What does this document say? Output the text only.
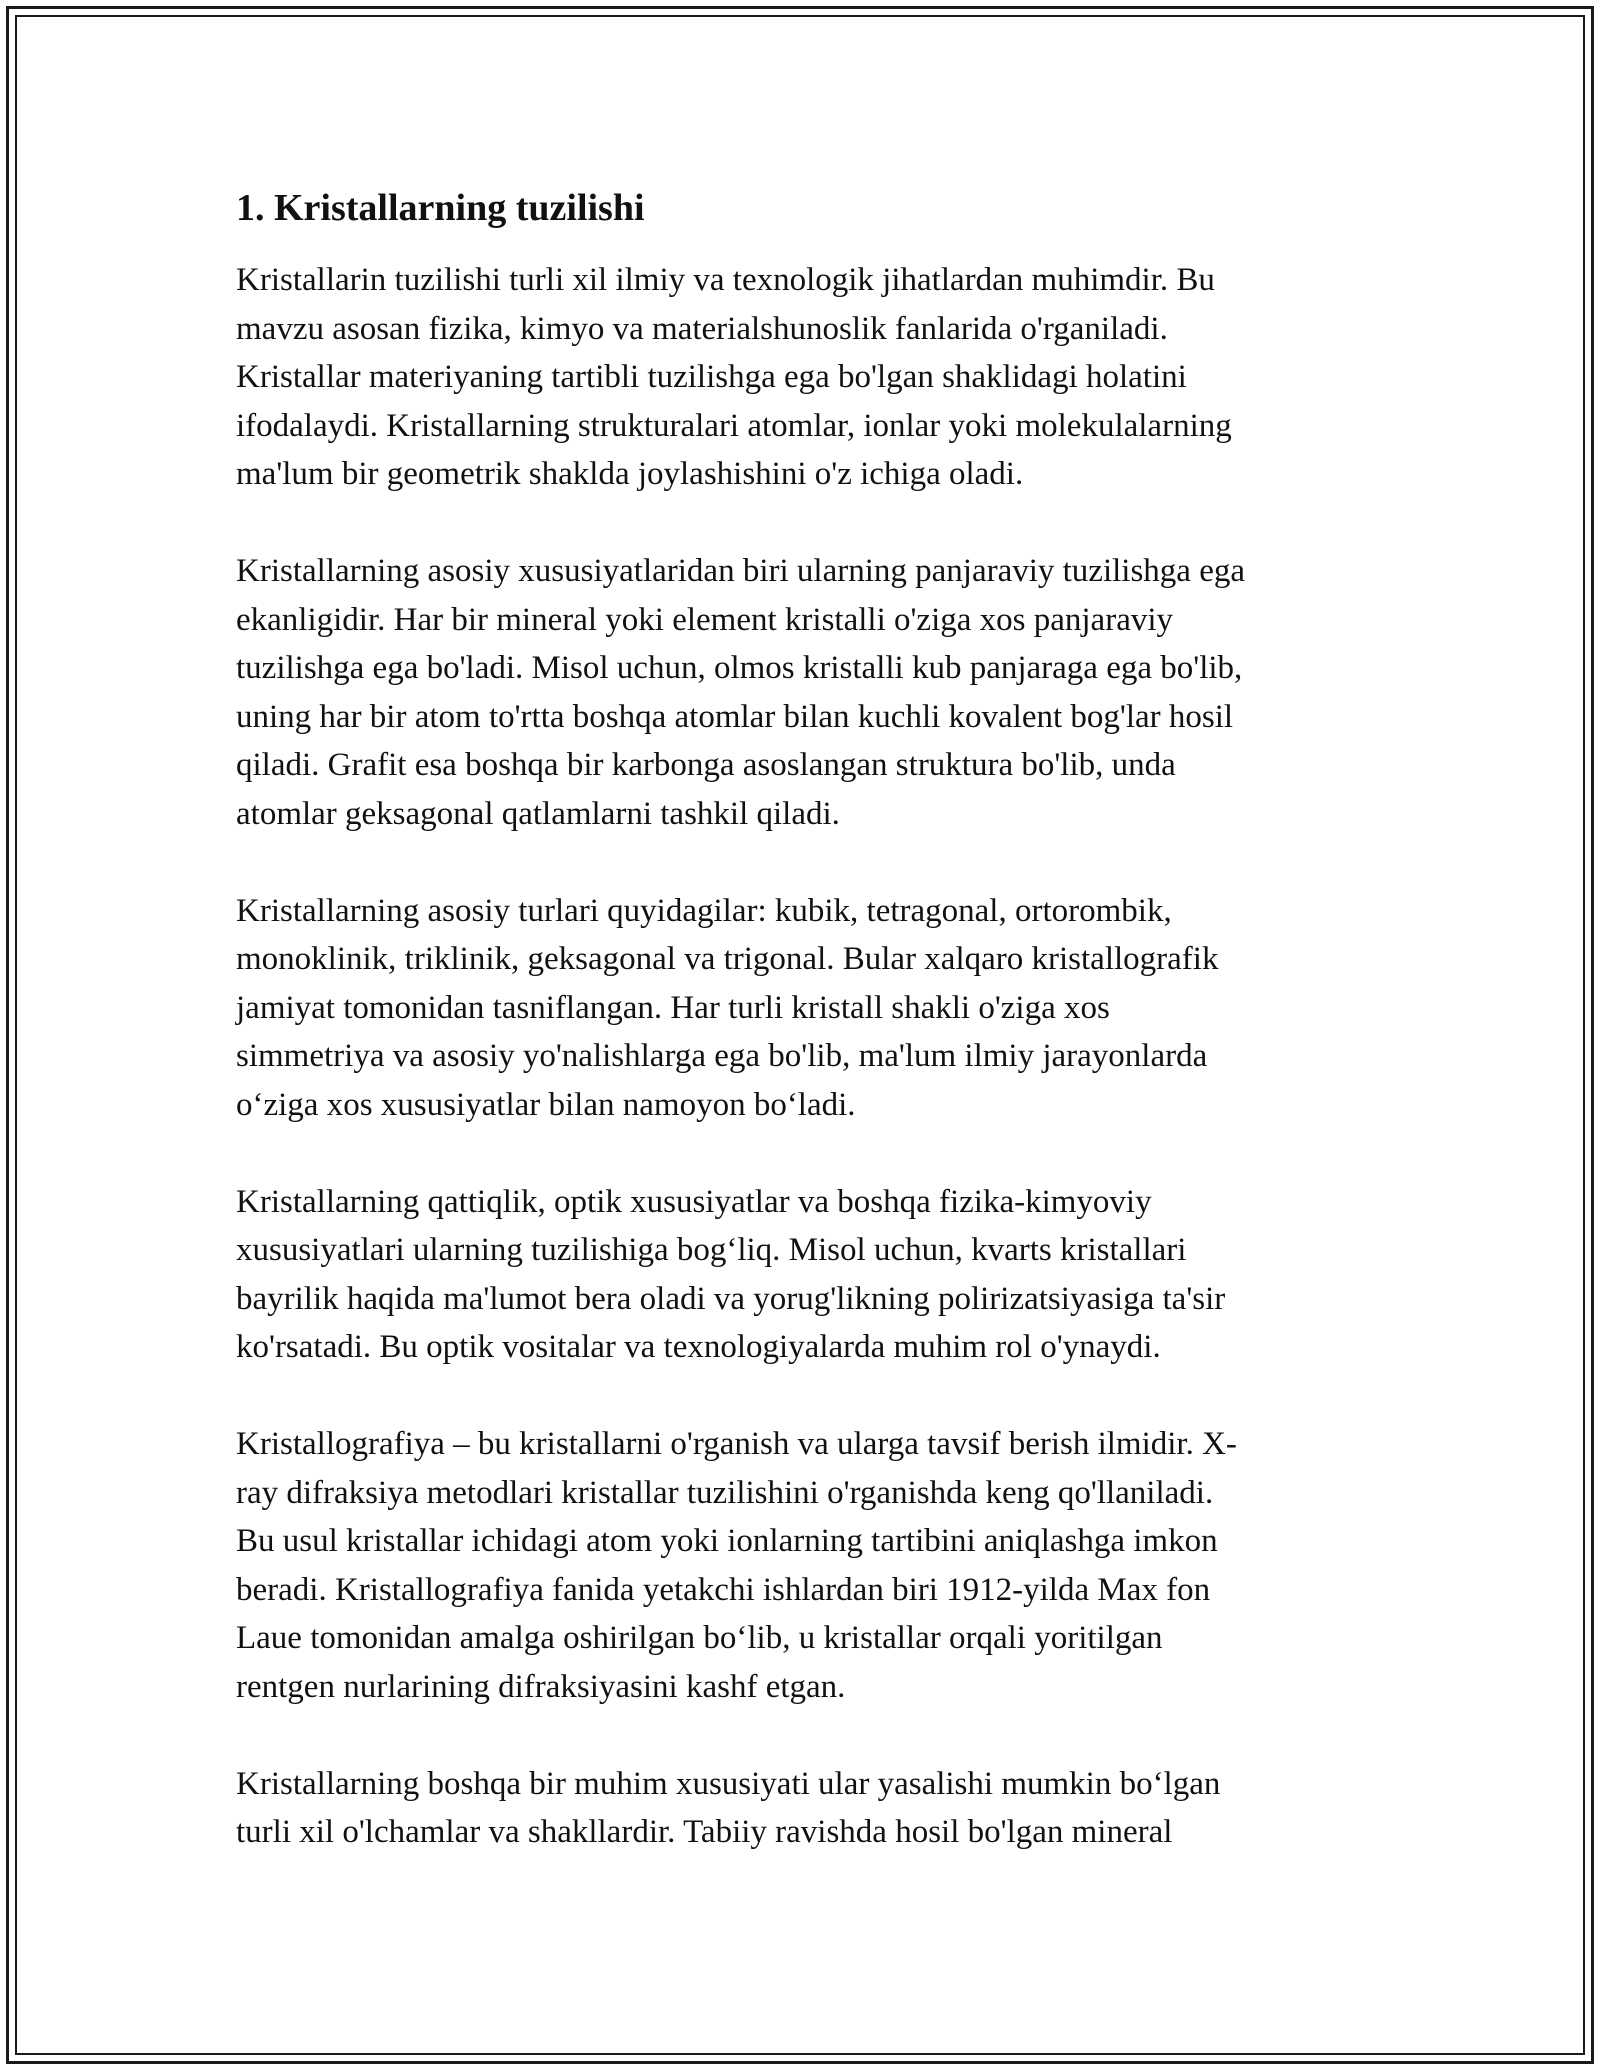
1. Kristallarning tuzilishi
Kristallarin tuzilishi turli xil ilmiy va texnologik jihatlardan muhimdir. Bu
mavzu asosan fizika, kimyo va materialshunoslik fanlarida o'rganiladi.
Kristallar materiyaning tartibli tuzilishga ega bo'lgan shaklidagi holatini
ifodalaydi. Kristallarning strukturalari atomlar, ionlar yoki molekulalarning
ma'lum bir geometrik shaklda joylashishini o'z ichiga oladi.
Kristallarning asosiy xususiyatlaridan biri ularning panjaraviy tuzilishga ega
ekanligidir. Har bir mineral yoki element kristalli o'ziga xos panjaraviy
tuzilishga ega bo'ladi. Misol uchun, olmos kristalli kub panjaraga ega bo'lib,
uning har bir atom to'rtta boshqa atomlar bilan kuchli kovalent bog'lar hosil
qiladi. Grafit esa boshqa bir karbonga asoslangan struktura bo'lib, unda
atomlar geksagonal qatlamlarni tashkil qiladi.
Kristallarning asosiy turlari quyidagilar: kubik, tetragonal, ortorombik,
monoklinik, triklinik, geksagonal va trigonal. Bular xalqaro kristallografik
jamiyat tomonidan tasniflangan. Har turli kristall shakli o'ziga xos
simmetriya va asosiy yo'nalishlarga ega bo'lib, ma'lum ilmiy jarayonlarda
o‘ziga xos xususiyatlar bilan namoyon bo‘ladi.
Kristallarning qattiqlik, optik xususiyatlar va boshqa fizika-kimyoviy
xususiyatlari ularning tuzilishiga bog‘liq. Misol uchun, kvarts kristallari
bayrilik haqida ma'lumot bera oladi va yorug'likning polirizatsiyasiga ta'sir
ko'rsatadi. Bu optik vositalar va texnologiyalarda muhim rol o'ynaydi.
Kristallografiya – bu kristallarni o'rganish va ularga tavsif berish ilmidir. X-
ray difraksiya metodlari kristallar tuzilishini o'rganishda keng qo'llaniladi.
Bu usul kristallar ichidagi atom yoki ionlarning tartibini aniqlashga imkon
beradi. Kristallografiya fanida yetakchi ishlardan biri 1912-yilda Max fon
Laue tomonidan amalga oshirilgan bo‘lib, u kristallar orqali yoritilgan
rentgen nurlarining difraksiyasini kashf etgan.
Kristallarning boshqa bir muhim xususiyati ular yasalishi mumkin bo‘lgan
turli xil o'lchamlar va shakllardir. Tabiiy ravishda hosil bo'lgan mineral
